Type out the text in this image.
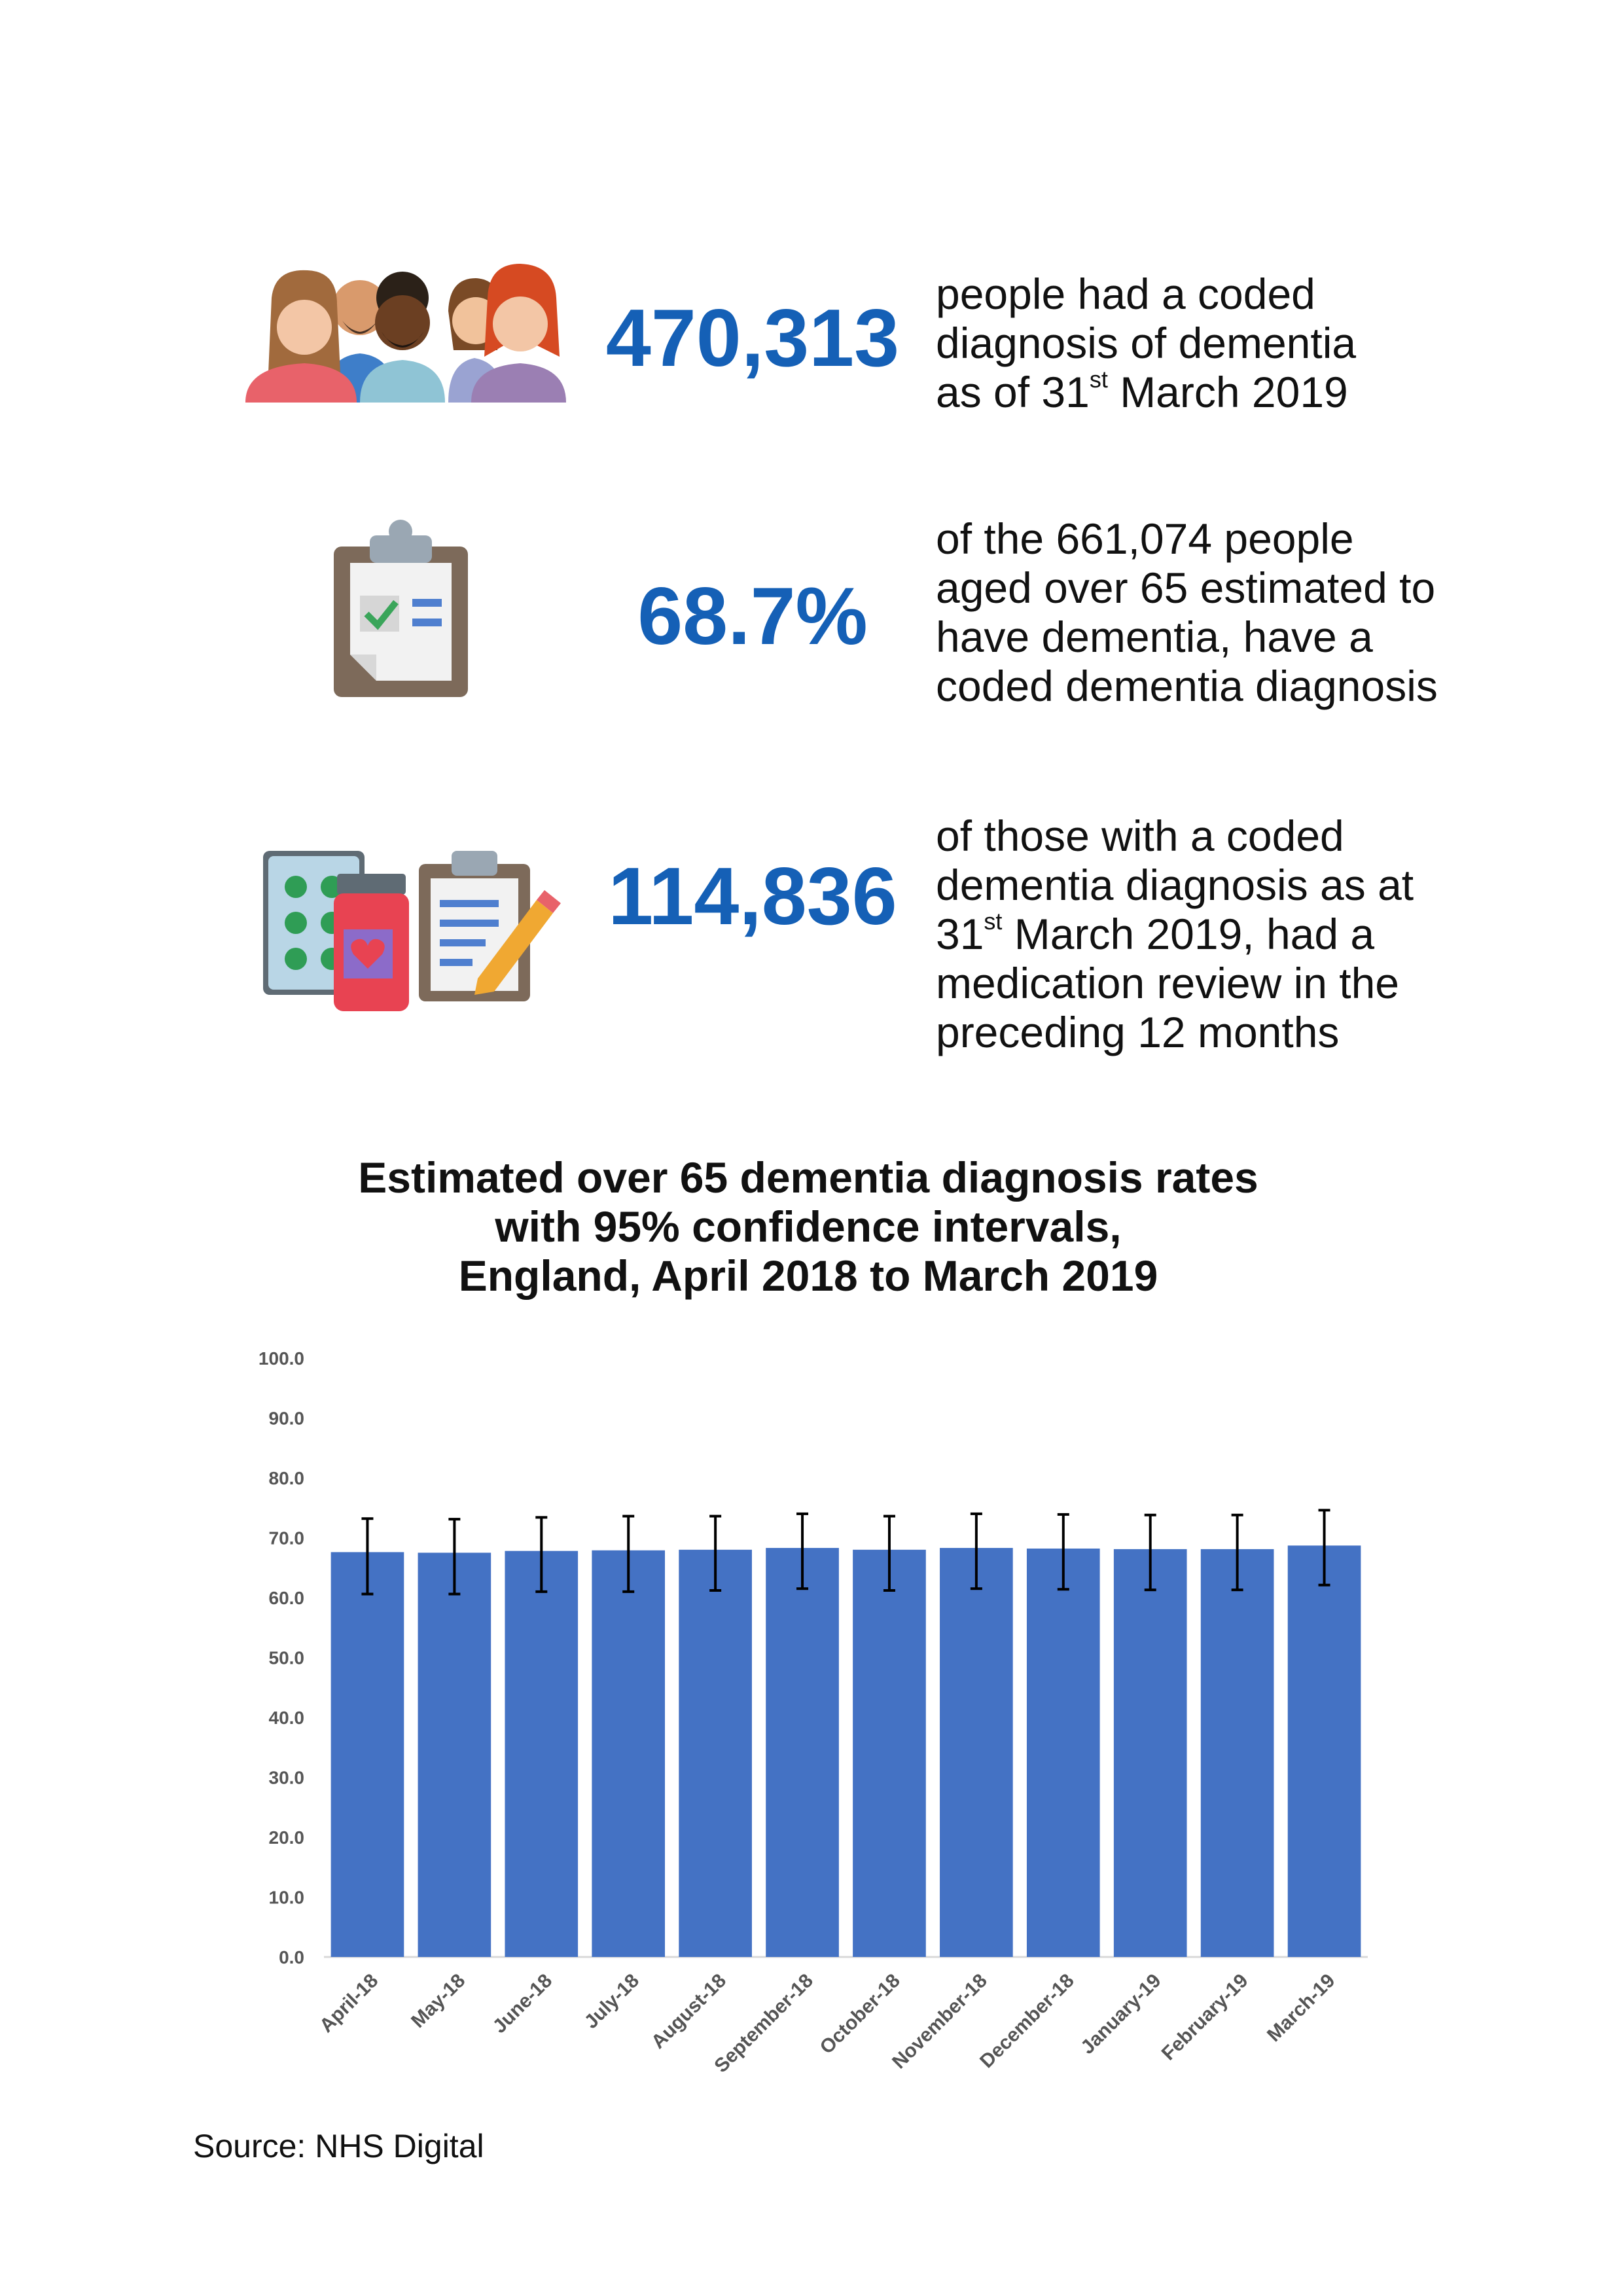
470,313 people had a coded
diagnosis of dementia
as of 31st March 2019
68.7%
of the 661,074 people
aged over 65 estimated to
have dementia, have a
coded dementia diagnosis
114,836
of those with a coded
dementia diagnosis as at
31st March 2019, had a
medication review in the
preceding 12 months
Estimated over 65 dementia diagnosis rates
with 95% confidence intervals,
England, April 2018 to March 2019
0.0
10.0
20.0
30.0
40.0
50.0
60.0
70.0
80.0
90.0
100.0
April-18 May-18 June-18 July-18 August-18
September-18
October-18
November-18
December-18
January-19
February-19 March-19
Source: NHS Digital
